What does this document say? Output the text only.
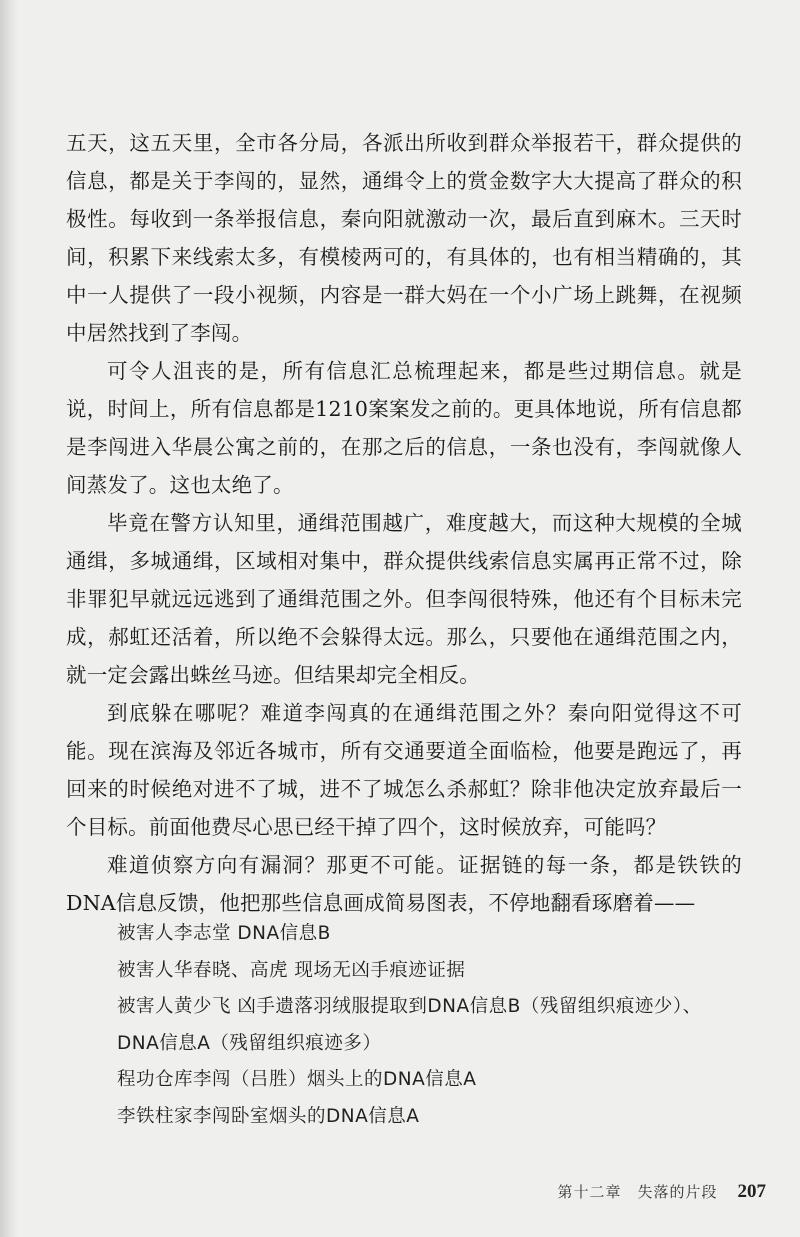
五天，这五天里，全市各分局，各派出所收到群众举报若干，群众提供的信息，都是关于李闯的，显然，通缉令上的赏金数字大大提高了群众的积极性。每收到一条举报信息，秦向阳就激动一次，最后直到麻木。三天时间，积累下来线索太多，有模棱两可的，有具体的，也有相当精确的，其中一人提供了一段小视频，内容是一群大妈在一个小广场上跳舞，在视频中居然找到了李闯。

可令人沮丧的是，所有信息汇总梳理起来，都是些过期信息。就是说，时间上，所有信息都是1210案案发之前的。更具体地说，所有信息都是李闯进入华晨公寓之前的，在那之后的信息，一条也没有，李闯就像人间蒸发了。这也太绝了。

毕竟在警方认知里，通缉范围越广，难度越大，而这种大规模的全城通缉，多城通缉，区域相对集中，群众提供线索信息实属再正常不过，除非罪犯早就远远逃到了通缉范围之外。但李闯很特殊，他还有个目标未完成，郝虹还活着，所以绝不会躲得太远。那么，只要他在通缉范围之内，就一定会露出蛛丝马迹。但结果却完全相反。

到底躲在哪呢？难道李闯真的在通缉范围之外？秦向阳觉得这不可能。现在滨海及邻近各城市，所有交通要道全面临检，他要是跑远了，再回来的时候绝对进不了城，进不了城怎么杀郝虹？除非他决定放弃最后一个目标。前面他费尽心思已经干掉了四个，这时候放弃，可能吗？

难道侦察方向有漏洞？那更不可能。证据链的每一条，都是铁铁的DNA信息反馈，他把那些信息画成简易图表，不停地翻看琢磨着——

被害人李志堂 DNA信息B
被害人华春晓、高虎 现场无凶手痕迹证据
被害人黄少飞 凶手遗落羽绒服提取到DNA信息B（残留组织痕迹少）、
DNA信息A（残留组织痕迹多）
程功仓库李闯（吕胜）烟头上的DNA信息A
李铁柱家李闯卧室烟头的DNA信息A
第十二章　失落的片段 207
